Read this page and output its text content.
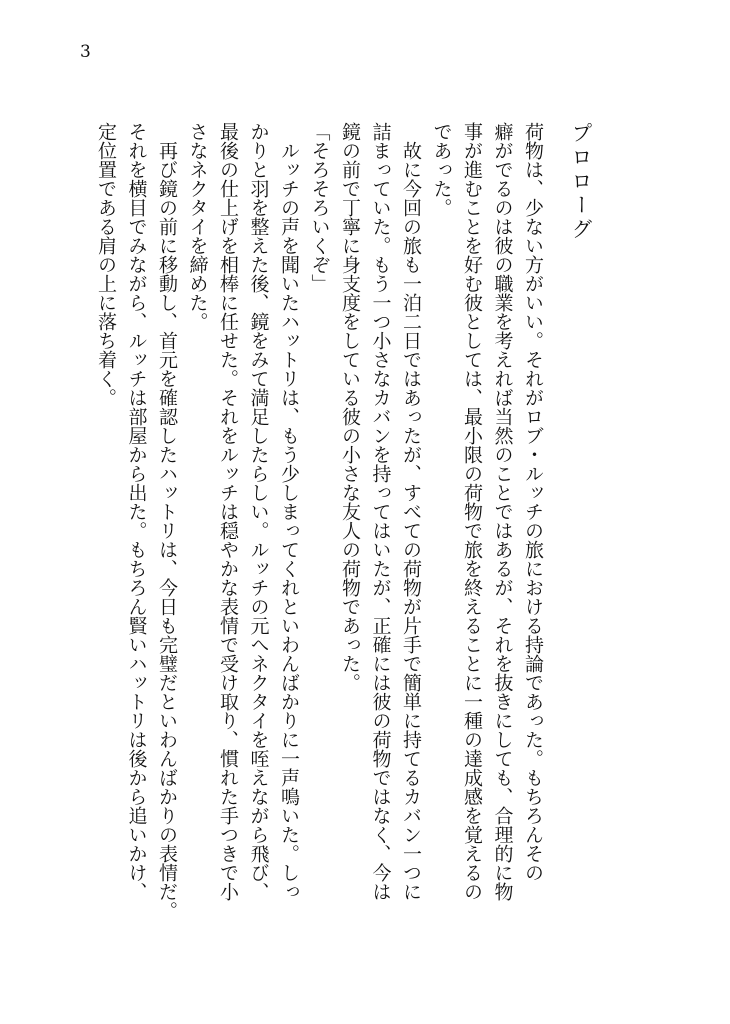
3
プロローグ
荷物は、少ない方がいい。それがロブ・ルッチの旅における持論であった。もちろんその
癖がでるのは彼の職業を考えれば当然のことではあるが、それを抜きにしても、合理的に物
事が進むことを好む彼としては、最小限の荷物で旅を終えることに一種の達成感を覚えるの
であった。
　故に今回の旅も一泊二日ではあったが、すべての荷物が片手で簡単に持てるカバン一つに
詰まっていた。もう一つ小さなカバンを持ってはいたが、正確には彼の荷物ではなく、今は
鏡の前で丁寧に身支度をしている彼の小さな友人の荷物であった。
「そろそろいくぞ」
　ルッチの声を聞いたハットリは、もう少しまってくれといわんばかりに一声鳴いた。しっ
かりと羽を整えた後、鏡をみて満足したらしい。ルッチの元へネクタイを咥えながら飛び、
最後の仕上げを相棒に任せた。それをルッチは穏やかな表情で受け取り、慣れた手つきで小
さなネクタイを締めた。
　再び鏡の前に移動し、首元を確認したハットリは、今日も完璧だといわんばかりの表情だ。
それを横目でみながら、ルッチは部屋から出た。もちろん賢いハットリは後から追いかけ、
定位置である肩の上に落ち着く。
